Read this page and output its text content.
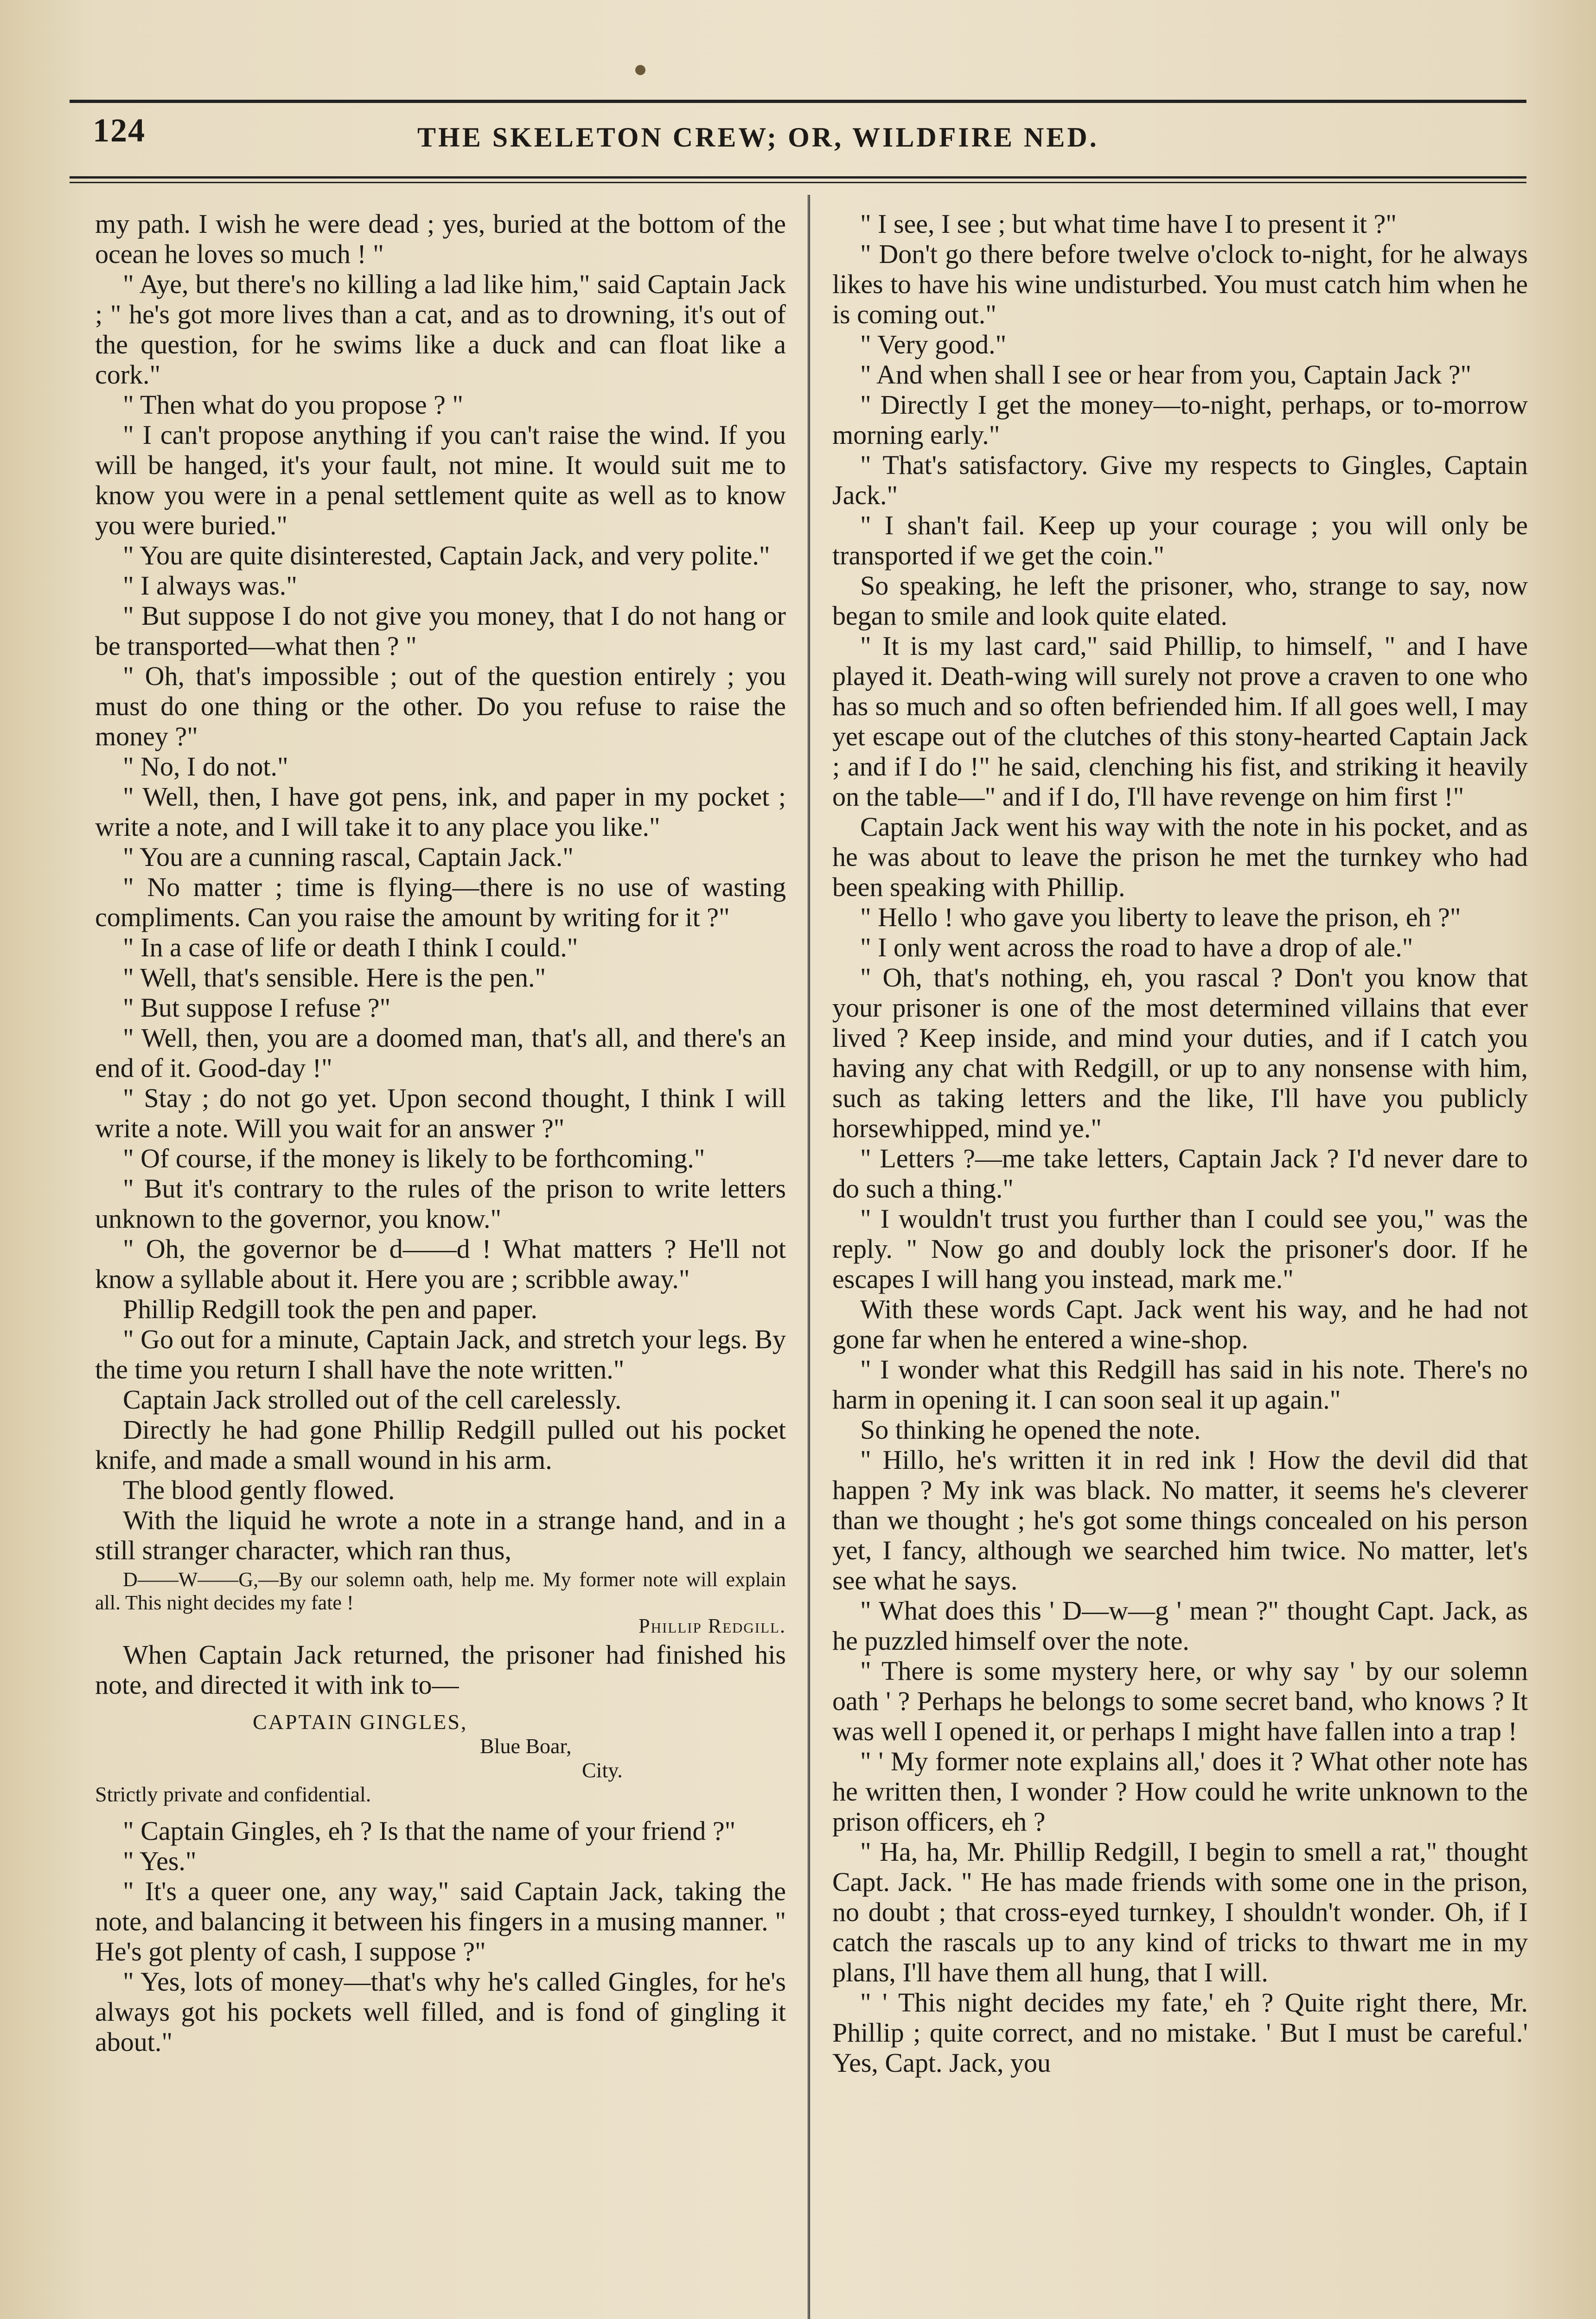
124	THE SKELETON CREW; OR, WILDFIRE NED.

my path. I wish he were dead ; yes, buried at the bottom of the ocean he loves so much ! "

" Aye, but there's no killing a lad like him," said Captain Jack ; " he's got more lives than a cat, and as to drowning, it's out of the question, for he swims like a duck and can float like a cork."

" Then what do you propose ? "

" I can't propose anything if you can't raise the wind. If you will be hanged, it's your fault, not mine. It would suit me to know you were in a penal settlement quite as well as to know you were buried."

" You are quite disinterested, Captain Jack, and very polite."

" I always was."

" But suppose I do not give you money, that I do not hang or be transported—what then ? "

" Oh, that's impossible ; out of the question entirely ; you must do one thing or the other. Do you refuse to raise the money ?"

" No, I do not."

" Well, then, I have got pens, ink, and paper in my pocket ; write a note, and I will take it to any place you like."

" You are a cunning rascal, Captain Jack."

" No matter ; time is flying—there is no use of wasting compliments. Can you raise the amount by writing for it ?"

" In a case of life or death I think I could."

" Well, that's sensible. Here is the pen."

" But suppose I refuse ?"

" Well, then, you are a doomed man, that's all, and there's an end of it. Good-day !"

" Stay ; do not go yet. Upon second thought, I think I will write a note. Will you wait for an answer ?"

" Of course, if the money is likely to be forthcoming."

" But it's contrary to the rules of the prison to write letters unknown to the governor, you know."

" Oh, the governor be d——d ! What matters ? He'll not know a syllable about it. Here you are ; scribble away."

Phillip Redgill took the pen and paper.

" Go out for a minute, Captain Jack, and stretch your legs. By the time you return I shall have the note written."

Captain Jack strolled out of the cell carelessly.

Directly he had gone Phillip Redgill pulled out his pocket knife, and made a small wound in his arm.

The blood gently flowed.

With the liquid he wrote a note in a strange hand, and in a still stranger character, which ran thus,

D——W——G,—By our solemn oath, help me. My former note will explain all. This night decides my fate !

Phillip Redgill.

When Captain Jack returned, the prisoner had finished his note, and directed it with ink to—

CAPTAIN GINGLES,
Blue Boar,
City.
Strictly private and confidential.

" Captain Gingles, eh ? Is that the name of your friend ?"

" Yes."

" It's a queer one, any way," said Captain Jack, taking the note, and balancing it between his fingers in a musing manner. " He's got plenty of cash, I suppose ?"

" Yes, lots of money—that's why he's called Gingles, for he's always got his pockets well filled, and is fond of gingling it about."

" I see, I see ; but what time have I to present it ?"

" Don't go there before twelve o'clock to-night, for he always likes to have his wine undisturbed. You must catch him when he is coming out."

" Very good."

" And when shall I see or hear from you, Captain Jack ?"

" Directly I get the money—to-night, perhaps, or to-morrow morning early."

" That's satisfactory. Give my respects to Gingles, Captain Jack."

" I shan't fail. Keep up your courage ; you will only be transported if we get the coin."

So speaking, he left the prisoner, who, strange to say, now began to smile and look quite elated.

" It is my last card," said Phillip, to himself, " and I have played it. Death-wing will surely not prove a craven to one who has so much and so often befriended him. If all goes well, I may yet escape out of the clutches of this stony-hearted Captain Jack ; and if I do !" he said, clenching his fist, and striking it heavily on the table—" and if I do, I'll have revenge on him first !"

Captain Jack went his way with the note in his pocket, and as he was about to leave the prison he met the turnkey who had been speaking with Phillip.

" Hello ! who gave you liberty to leave the prison, eh ?"

" I only went across the road to have a drop of ale."

" Oh, that's nothing, eh, you rascal ? Don't you know that your prisoner is one of the most determined villains that ever lived ? Keep inside, and mind your duties, and if I catch you having any chat with Redgill, or up to any nonsense with him, such as taking letters and the like, I'll have you publicly horsewhipped, mind ye."

" Letters ?—me take letters, Captain Jack ? I'd never dare to do such a thing."

" I wouldn't trust you further than I could see you," was the reply. " Now go and doubly lock the prisoner's door. If he escapes I will hang you instead, mark me."

With these words Capt. Jack went his way, and he had not gone far when he entered a wine-shop.

" I wonder what this Redgill has said in his note. There's no harm in opening it. I can soon seal it up again."

So thinking he opened the note.

" Hillo, he's written it in red ink ! How the devil did that happen ? My ink was black. No matter, it seems he's cleverer than we thought ; he's got some things concealed on his person yet, I fancy, although we searched him twice. No matter, let's see what he says.

" What does this ' D—w—g ' mean ?" thought Capt. Jack, as he puzzled himself over the note.

" There is some mystery here, or why say ' by our solemn oath ' ? Perhaps he belongs to some secret band, who knows ? It was well I opened it, or perhaps I might have fallen into a trap !

" ' My former note explains all,' does it ? What other note has he written then, I wonder ? How could he write unknown to the prison officers, eh ?

" Ha, ha, Mr. Phillip Redgill, I begin to smell a rat," thought Capt. Jack. " He has made friends with some one in the prison, no doubt ; that cross-eyed turnkey, I shouldn't wonder. Oh, if I catch the rascals up to any kind of tricks to thwart me in my plans, I'll have them all hung, that I will.

" ' This night decides my fate,' eh ? Quite right there, Mr. Phillip ; quite correct, and no mistake. ' But I must be careful.' Yes, Capt. Jack, you
